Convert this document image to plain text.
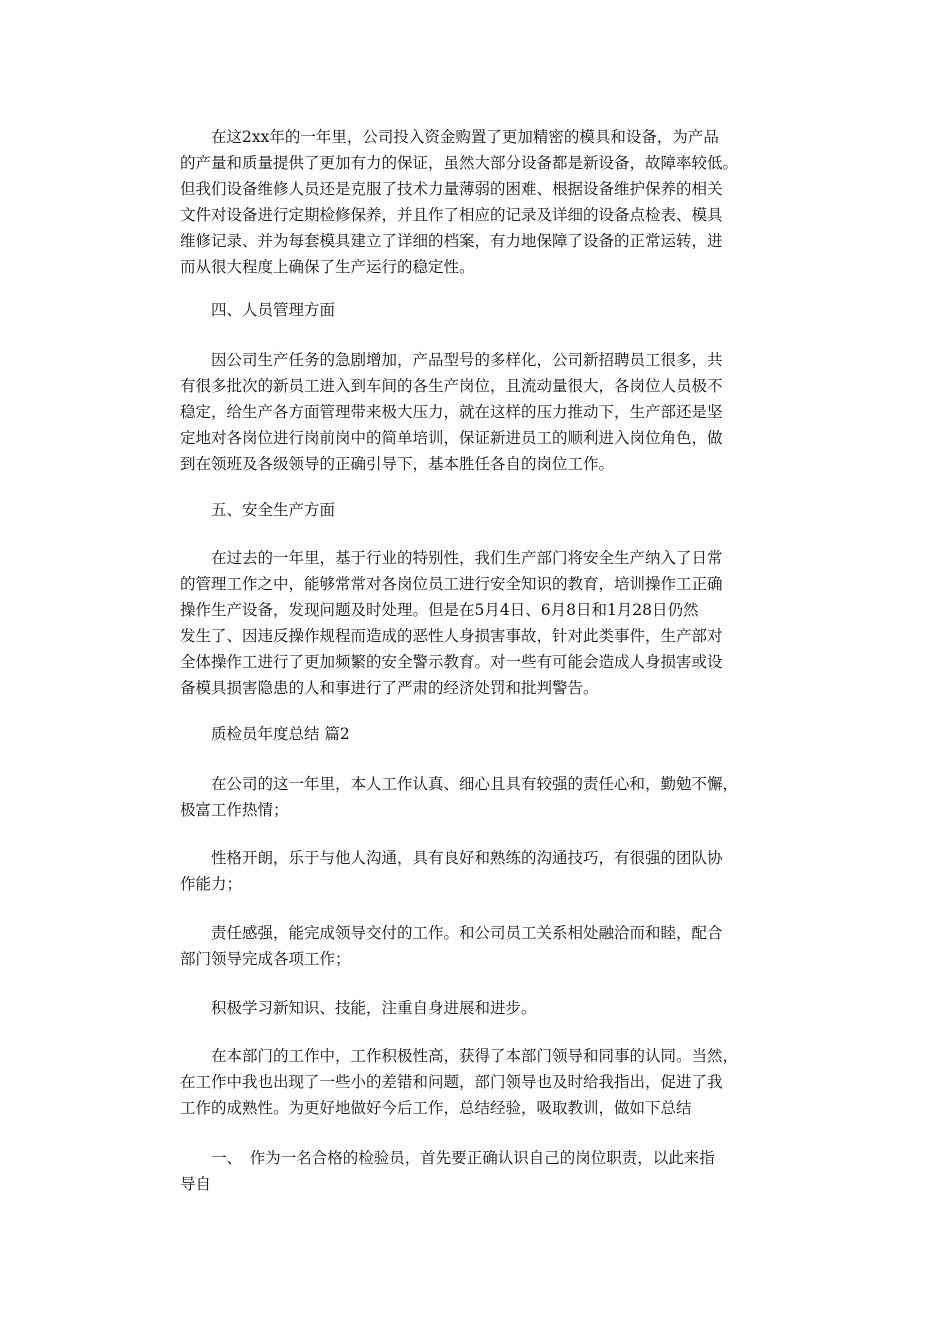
　　在这2xx年的一年里，公司投入资金购置了更加精密的模具和设备，为产品
的产量和质量提供了更加有力的保证，虽然大部分设备都是新设备，故障率较低。
但我们设备维修人员还是克服了技术力量薄弱的困难、根据设备维护保养的相关
文件对设备进行定期检修保养，并且作了相应的记录及详细的设备点检表、模具
维修记录、并为每套模具建立了详细的档案，有力地保障了设备的正常运转，进
而从很大程度上确保了生产运行的稳定性。

　　四、人员管理方面

　　因公司生产任务的急剧增加，产品型号的多样化，公司新招聘员工很多，共
有很多批次的新员工进入到车间的各生产岗位，且流动量很大，各岗位人员极不
稳定，给生产各方面管理带来极大压力，就在这样的压力推动下，生产部还是坚
定地对各岗位进行岗前岗中的简单培训，保证新进员工的顺利进入岗位角色，做
到在领班及各级领导的正确引导下，基本胜任各自的岗位工作。

　　五、安全生产方面

　　在过去的一年里，基于行业的特别性，我们生产部门将安全生产纳入了日常
的管理工作之中，能够常常对各岗位员工进行安全知识的教育，培训操作工正确
操作生产设备，发现问题及时处理。但是在5月4日、6月8日和1月28日仍然
发生了、因违反操作规程而造成的恶性人身损害事故，针对此类事件，生产部对
全体操作工进行了更加频繁的安全警示教育。对一些有可能会造成人身损害或设
备模具损害隐患的人和事进行了严肃的经济处罚和批判警告。

　　质检员年度总结 篇2

　　在公司的这一年里，本人工作认真、细心且具有较强的责任心和，勤勉不懈，
极富工作热情；

　　性格开朗，乐于与他人沟通，具有良好和熟练的沟通技巧，有很强的团队协
作能力；

　　责任感强，能完成领导交付的工作。和公司员工关系相处融洽而和睦，配合
部门领导完成各项工作；

　　积极学习新知识、技能，注重自身进展和进步。

　　在本部门的工作中，工作积极性高，获得了本部门领导和同事的认同。当然，
在工作中我也出现了一些小的差错和问题，部门领导也及时给我指出，促进了我
工作的成熟性。为更好地做好今后工作，总结经验，吸取教训，做如下总结

　　一、　作为一名合格的检验员，首先要正确认识自己的岗位职责，以此来指
导自
